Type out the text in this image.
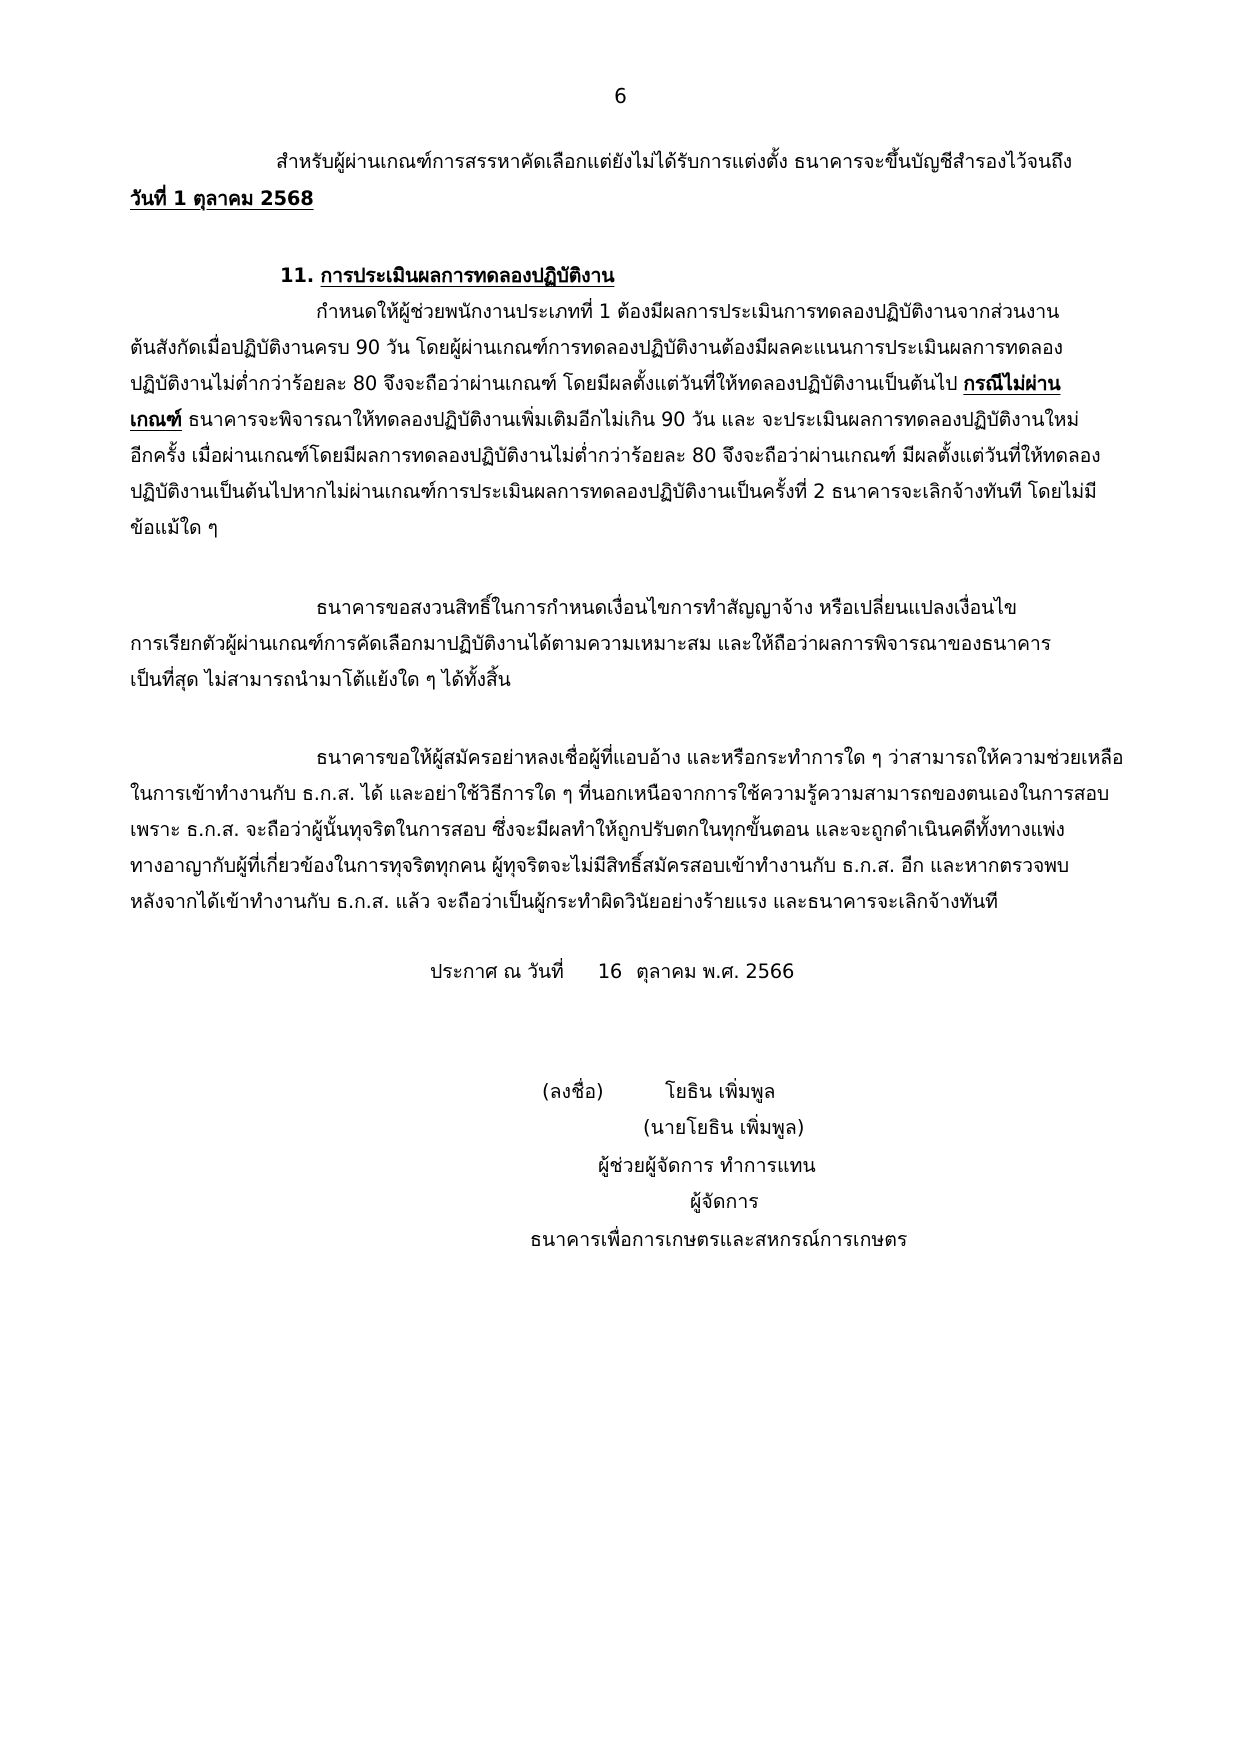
6
สำหรับผู้ผ่านเกณฑ์การสรรหาคัดเลือกแต่ยังไม่ได้รับการแต่งตั้ง ธนาคารจะขึ้นบัญชีสำรองไว้จนถึง
วันที่ 1 ตุลาคม 2568
11. การประเมินผลการทดลองปฏิบัติงาน
กำหนดให้ผู้ช่วยพนักงานประเภทที่ 1 ต้องมีผลการประเมินการทดลองปฏิบัติงานจากส่วนงาน
ต้นสังกัดเมื่อปฏิบัติงานครบ 90 วัน โดยผู้ผ่านเกณฑ์การทดลองปฏิบัติงานต้องมีผลคะแนนการประเมินผลการทดลอง
ปฏิบัติงานไม่ต่ำกว่าร้อยละ 80 จึงจะถือว่าผ่านเกณฑ์ โดยมีผลตั้งแต่วันที่ให้ทดลองปฏิบัติงานเป็นต้นไป กรณีไม่ผ่าน
เกณฑ์ ธนาคารจะพิจารณาให้ทดลองปฏิบัติงานเพิ่มเติมอีกไม่เกิน 90 วัน และ จะประเมินผลการทดลองปฏิบัติงานใหม่
อีกครั้ง เมื่อผ่านเกณฑ์โดยมีผลการทดลองปฏิบัติงานไม่ต่ำกว่าร้อยละ 80 จึงจะถือว่าผ่านเกณฑ์ มีผลตั้งแต่วันที่ให้ทดลอง
ปฏิบัติงานเป็นต้นไปหากไม่ผ่านเกณฑ์การประเมินผลการทดลองปฏิบัติงานเป็นครั้งที่ 2 ธนาคารจะเลิกจ้างทันที โดยไม่มี
ข้อแม้ใด ๆ
ธนาคารขอสงวนสิทธิ์ในการกำหนดเงื่อนไขการทำสัญญาจ้าง หรือเปลี่ยนแปลงเงื่อนไข
การเรียกตัวผู้ผ่านเกณฑ์การคัดเลือกมาปฏิบัติงานได้ตามความเหมาะสม และให้ถือว่าผลการพิจารณาของธนาคาร
เป็นที่สุด ไม่สามารถนำมาโต้แย้งใด ๆ ได้ทั้งสิ้น
ธนาคารขอให้ผู้สมัครอย่าหลงเชื่อผู้ที่แอบอ้าง และหรือกระทำการใด ๆ ว่าสามารถให้ความช่วยเหลือ
ในการเข้าทำงานกับ ธ.ก.ส. ได้ และอย่าใช้วิธีการใด ๆ ที่นอกเหนือจากการใช้ความรู้ความสามารถของตนเองในการสอบ
เพราะ ธ.ก.ส. จะถือว่าผู้นั้นทุจริตในการสอบ ซึ่งจะมีผลทำให้ถูกปรับตกในทุกขั้นตอน และจะถูกดำเนินคดีทั้งทางแพ่ง
ทางอาญากับผู้ที่เกี่ยวข้องในการทุจริตทุกคน ผู้ทุจริตจะไม่มีสิทธิ์สมัครสอบเข้าทำงานกับ ธ.ก.ส. อีก และหากตรวจพบ
หลังจากได้เข้าทำงานกับ ธ.ก.ส. แล้ว จะถือว่าเป็นผู้กระทำผิดวินัยอย่างร้ายแรง และธนาคารจะเลิกจ้างทันที
ประกาศ ณ วันที่ 16 ตุลาคม พ.ศ. 2566
(ลงชื่อ)	โยธิน เพิ่มพูล
(นายโยธิน เพิ่มพูล)
ผู้ช่วยผู้จัดการ ทำการแทน
ผู้จัดการ
ธนาคารเพื่อการเกษตรและสหกรณ์การเกษตร
